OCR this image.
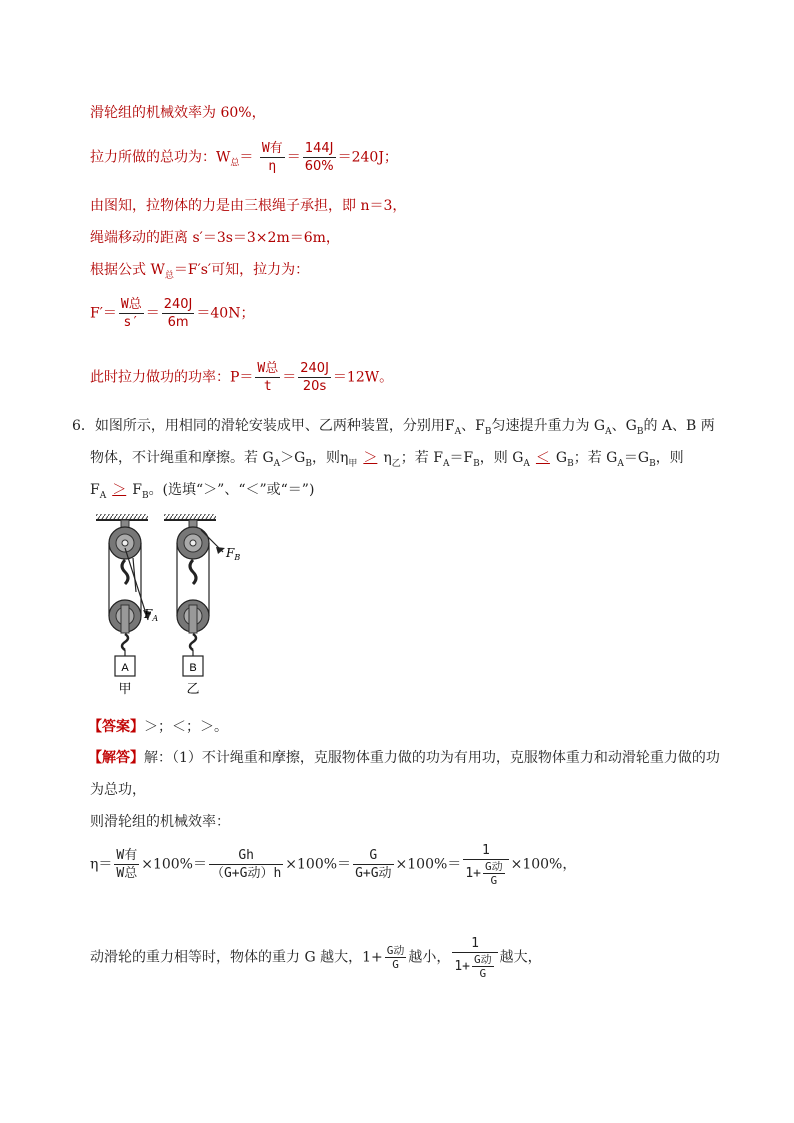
滑轮组的机械效率为 60%，
拉力所做的总功为：$W_总= \frac{\text{W有}}{\eta} = \frac{144J}{60\%} =240J$；
由图知，拉物体的力是由三根绳子承担，即 n＝3，
绳端移动的距离 s′＝3s＝3×2m＝6m，
根据公式 $W_总=F's'$可知，拉力为：
$F'= \frac{\text{W总}}{s'} = \frac{240J}{6m} =40N$；
此时拉力做功的功率：$P= \frac{\text{W总}}{t} = \frac{240J}{20s} =12W$。
6．如图所示，用相同的滑轮安装成甲、乙两种装置，分别用$F_A$、$F_B$匀速提升重力为 $G_A$、$G_B$的 A、B 两
物体，不计绳重和摩擦。若 $G_A>G_B$，则$\eta_甲 > \eta_乙$；若 $F_A=F_B$，则 $G_A < G_B$；若 $G_A=G_B$，则
$F_A > F_B$。(选填“＞”、“＜”或“＝”)
A	B
甲	乙
$F_A$
$F_B$
【答案】＞；＜；＞。
【解答】解：（1）不计绳重和摩擦，克服物体重力做的功为有用功，克服物体重力和动滑轮重力做的功
为总功，
则滑轮组的机械效率：
$\eta= \frac{\text{W有}}{\text{W总}} \times 100\%= \frac{Gh}{\text{（G+G动）h}} \times 100\%= \frac{G}{\text{G+G动}} \times 100\%= \frac{1}{1+ \frac{\text{G动}}{G}} \times 100\%$，
动滑轮的重力相等时，物体的重力 G 越大，$1+ \frac{\text{G动}}{G}$ 越小， $\frac{1}{1+ \frac{\text{G动}}{G}}$ 越大，
